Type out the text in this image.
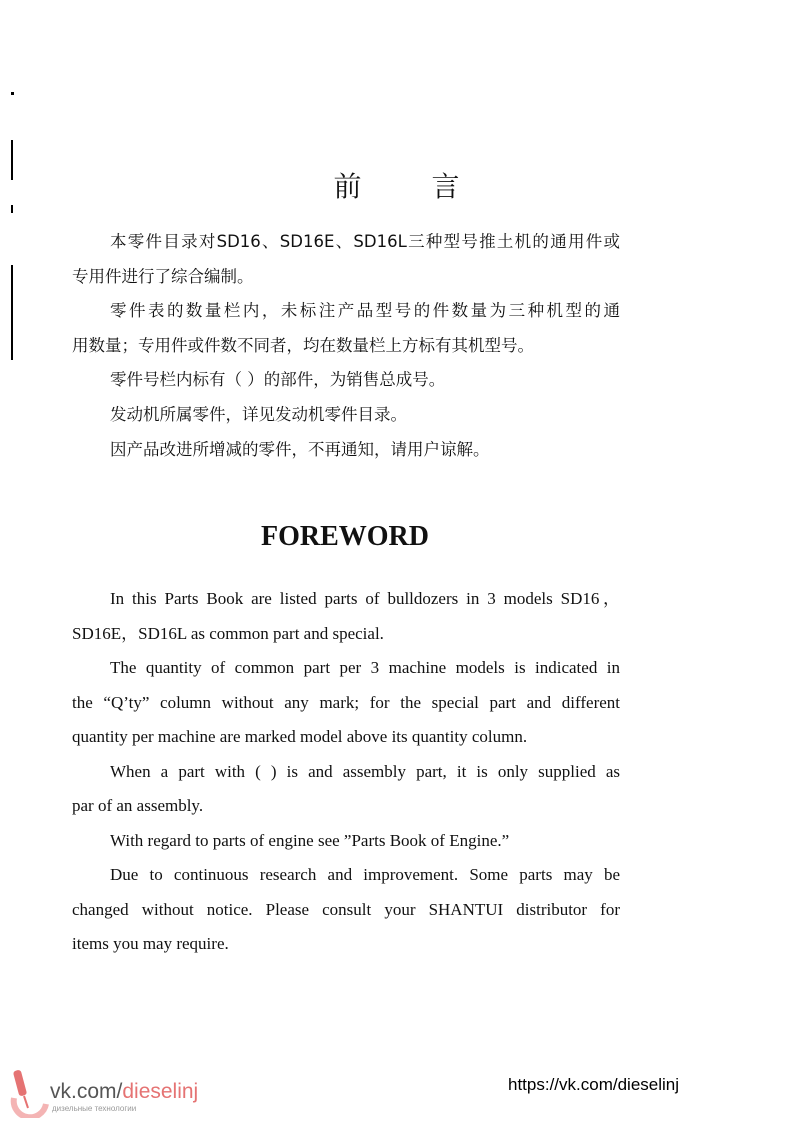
前言
本零件目录对SD16、SD16E、SD16L三种型号推土机的通用件或
专用件进行了综合编制。
零件表的数量栏内，未标注产品型号的件数量为三种机型的通
用数量；专用件或件数不同者，均在数量栏上方标有其机型号。
零件号栏内标有（ ）的部件，为销售总成号。
发动机所属零件，详见发动机零件目录。
因产品改进所增减的零件，不再通知，请用户谅解。
FOREWORD
In this Parts Book are listed parts of bulldozers in 3 models SD16，
SD16E，SD16L as common part and special.
The quantity of common part per 3 machine models is indicated in
the “Q’ty” column without any mark; for the special part and different
quantity per machine are marked model above its quantity column.
When a part with ( ) is and assembly part, it is only supplied as
par of an assembly.
With regard to parts of engine see ”Parts Book of Engine.”
Due to continuous research and improvement. Some parts may be
changed without notice. Please consult your SHANTUI distributor for
items you may require.
vk.com/dieselinj
дизельные технологии
https://vk.com/dieselinj
